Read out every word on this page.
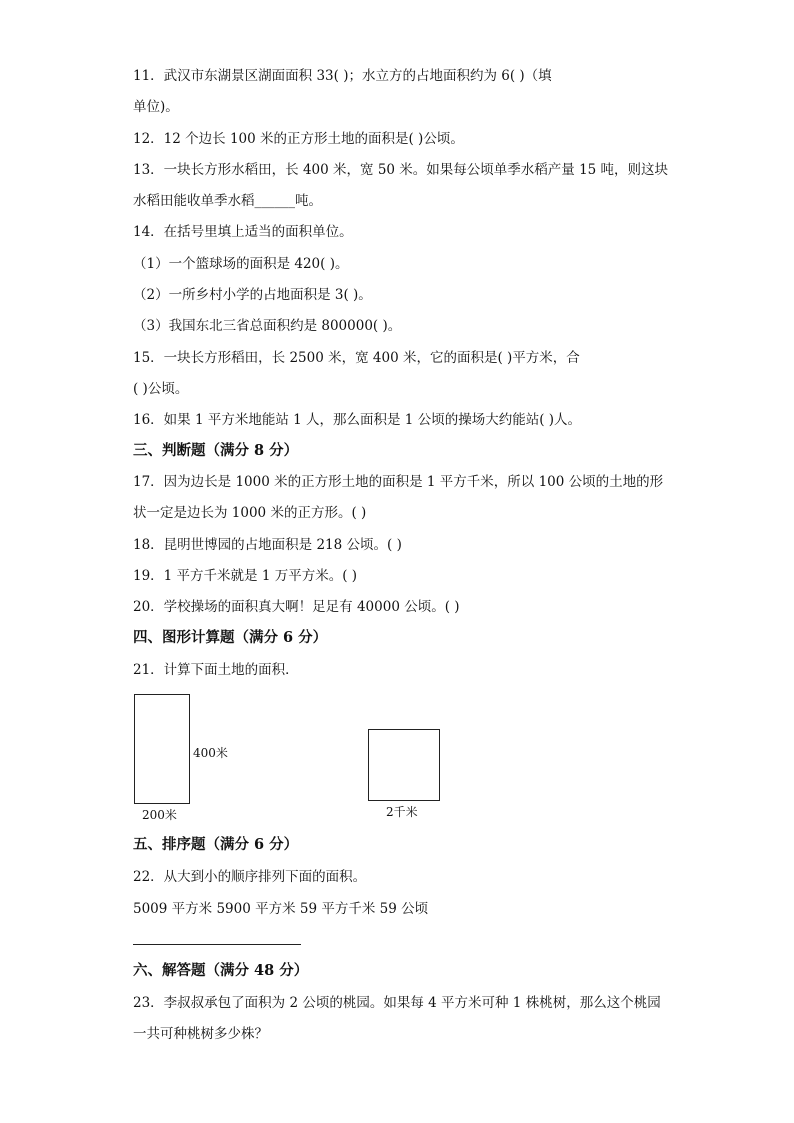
11．武汉市东湖景区湖面面积 33( )；水立方的占地面积约为 6( )（填
单位)。
12．12 个边长 100 米的正方形土地的面积是( )公顷。
13．一块长方形水稻田，长 400 米，宽 50 米。如果每公顷单季水稻产量 15 吨，则这块
水稻田能收单季水稻______吨。
14．在括号里填上适当的面积单位。
（1）一个篮球场的面积是 420( )。
（2）一所乡村小学的占地面积是 3( )。
（3）我国东北三省总面积约是 800000( )。
15．一块长方形稻田，长 2500 米，宽 400 米，它的面积是( )平方米，合
( )公顷。
16．如果 1 平方米地能站 1 人，那么面积是 1 公顷的操场大约能站( )人。
三、判断题（满分 8 分）
17．因为边长是 1000 米的正方形土地的面积是 1 平方千米，所以 100 公顷的土地的形
状一定是边长为 1000 米的正方形。( )
18．昆明世博园的占地面积是 218 公顷。( )
19．1 平方千米就是 1 万平方米。( )
20．学校操场的面积真大啊！足足有 40000 公顷。( )
四、图形计算题（满分 6 分）
21．计算下面土地的面积．
400米
200米	2千米
五、排序题（满分 6 分）
22．从大到小的顺序排列下面的面积。
5009 平方米 5900 平方米 59 平方千米 59 公顷
六、解答题（满分 48 分）
23．李叔叔承包了面积为 2 公顷的桃园。如果每 4 平方米可种 1 株桃树，那么这个桃园
一共可种桃树多少株？
